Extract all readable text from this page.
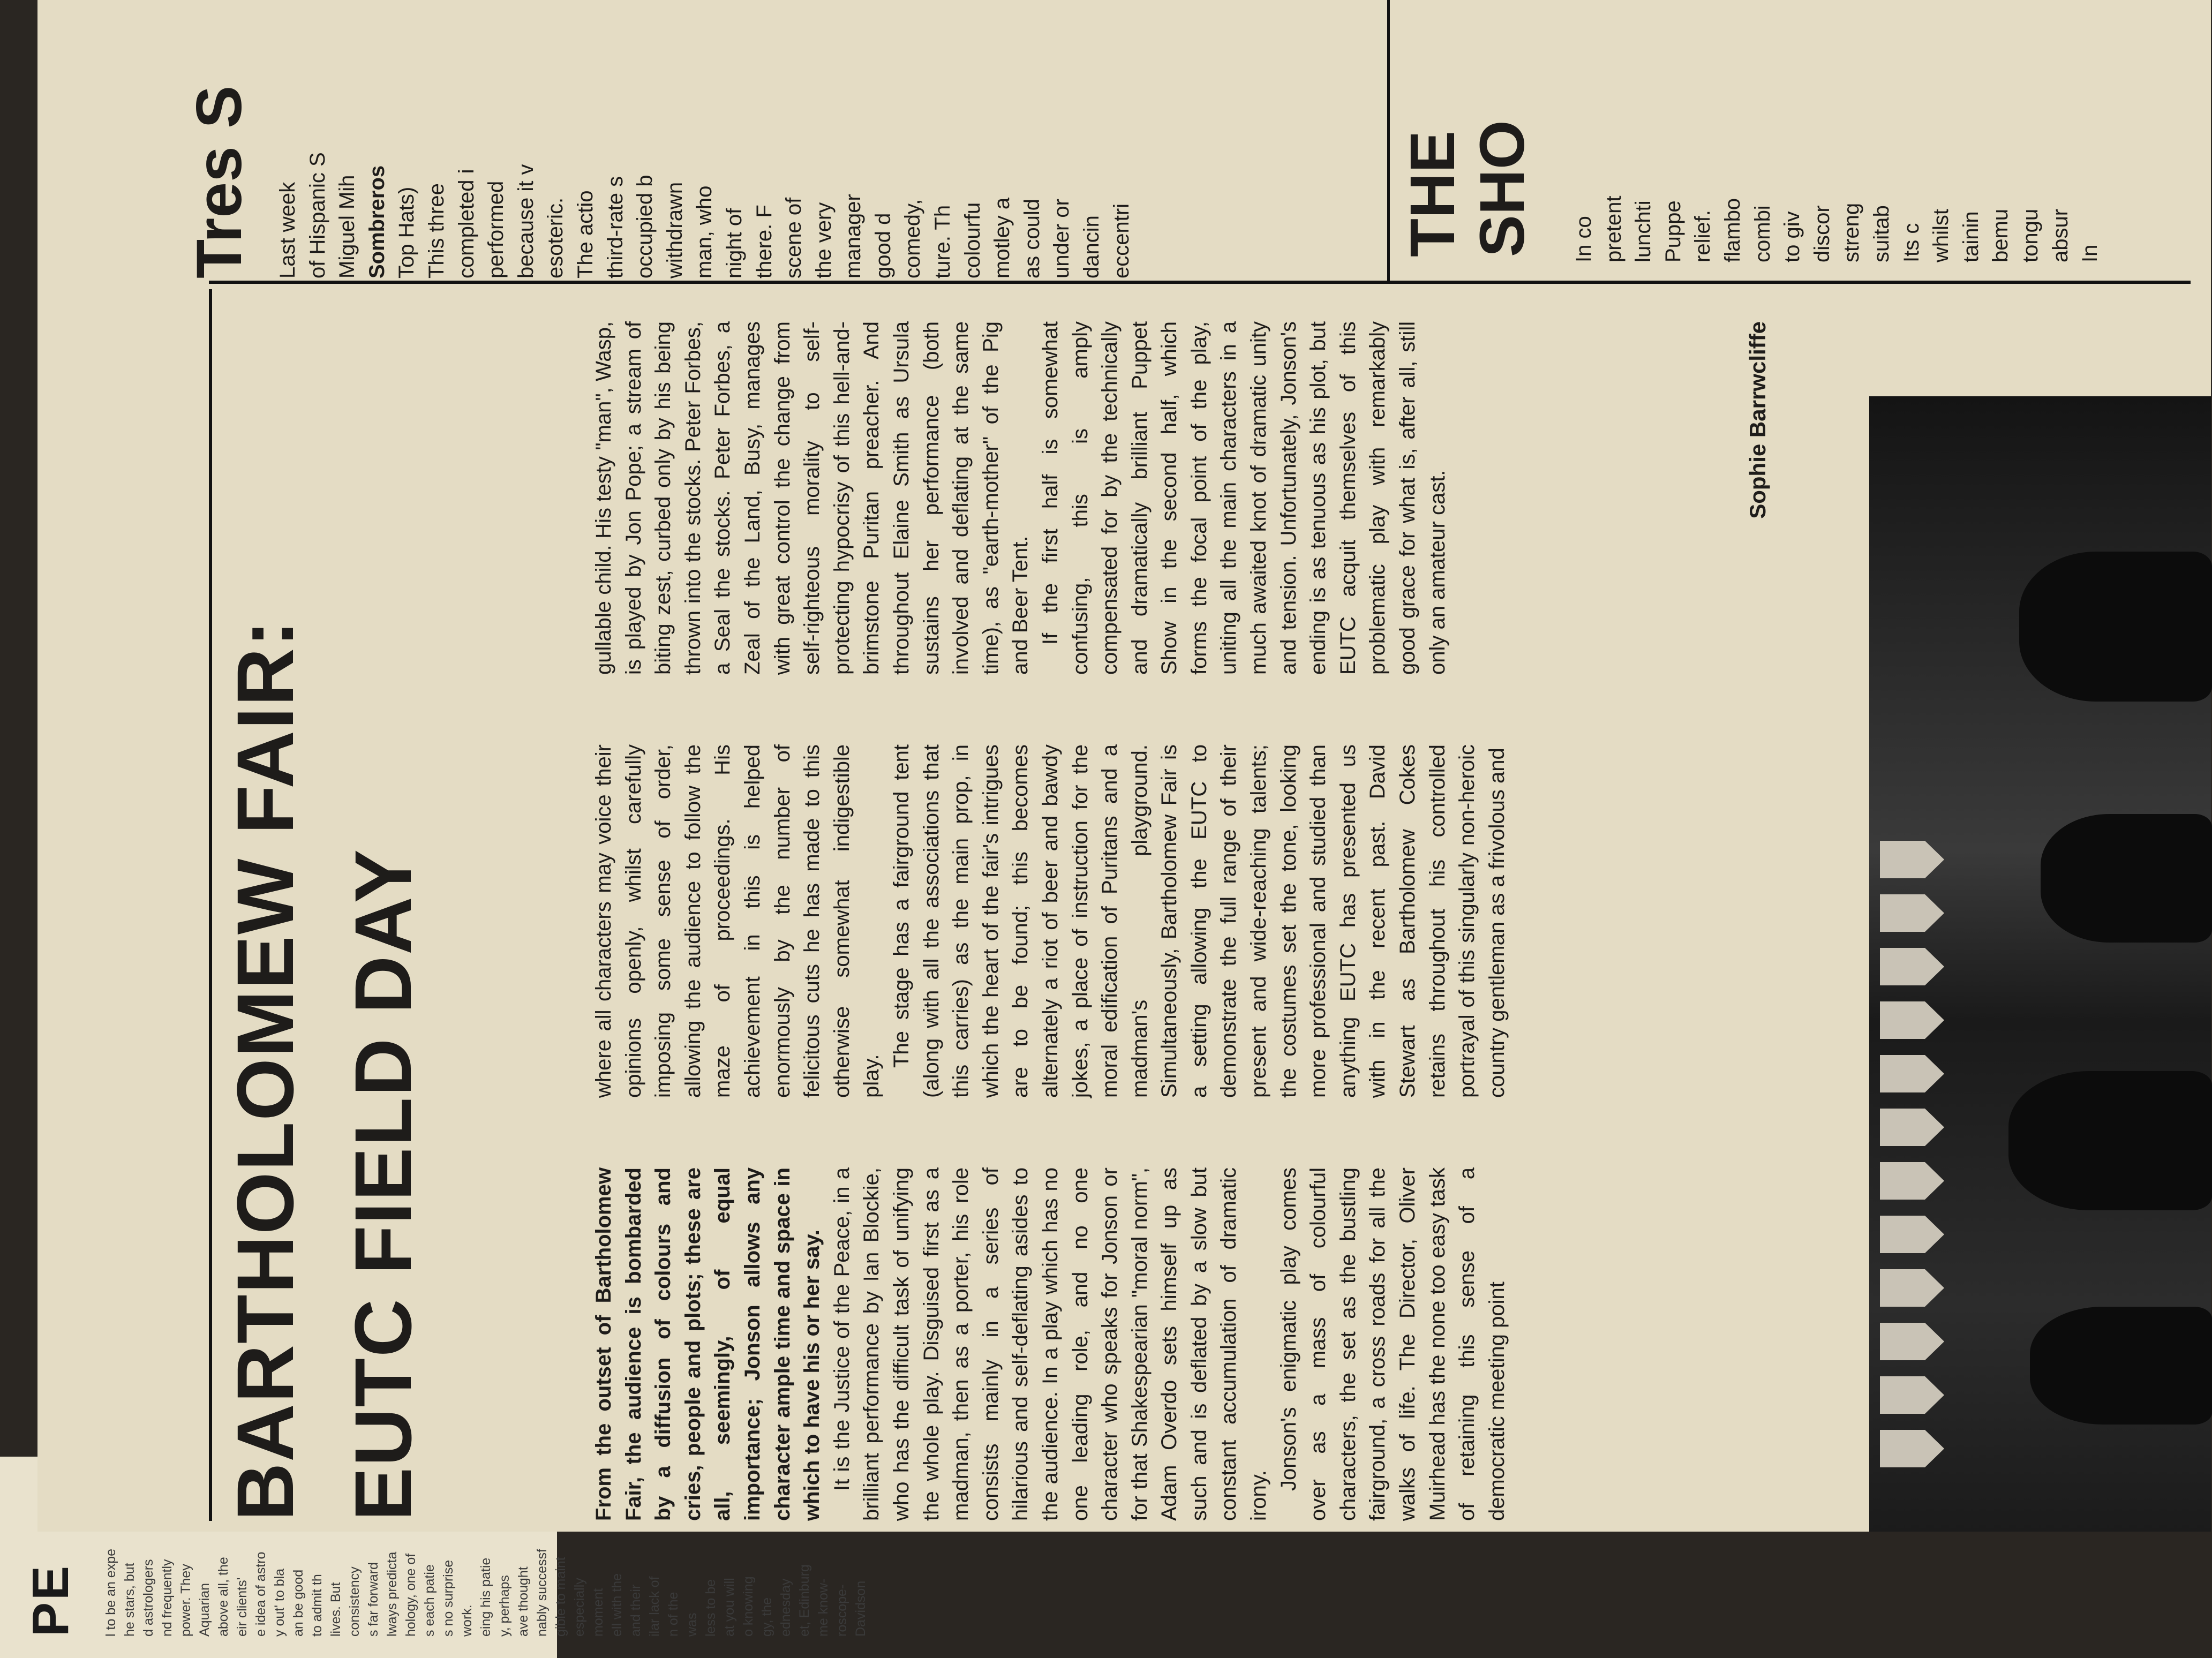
PE l to be an expe he stars, but d astrologers nd frequently power. They Aquarian above all, the eir clients' e idea of astro y out' to bla an be good to admit th lives. But consistency s far forward lways predicta hology, one of s each patie s no surprise work. eing his patie y, perhaps ave thought nably successf gible to maint especially moment ell with the and their ilar lack of n of the was less to be at you will o knowing gy, the ednesday et, Edinburg me know- roscope- Davidson
BARTHOLOMEW FAIR: EUTC FIELD DAY	From the outset of Bartholomew Fair, the audience is bombarded by a diffusion of colours and cries, people and plots; these are all, seemingly, of equal importance; Jonson allows any character ample time and space in which to have his or her say. It is the Justice of the Peace, in a brilliant performance by Ian Blockie, who has the difficult task of unifying the whole play. Disguised first as a madman, then as a porter, his role consists mainly in a series of hilarious and self-deflating asides to the audience. In a play which has no one leading role, and no one character who speaks for Jonson or for that Shakespearian "moral norm", Adam Overdo sets himself up as such and is deflated by a slow but constant accumulation of dramatic irony.

Jonson's enigmatic play comes over as a mass of colourful characters, the set as the bustling fairground, a cross roads for all the walks of life. The Director, Oliver Muirhead has the none too easy task of retaining this sense of a democratic meeting point

where all characters may voice their opinions openly, whilst carefully imposing some sense of order, allowing the audience to follow the maze of proceedings. His achievement in this is helped enormously by the number of felicitous cuts he has made to this otherwise somewhat indigestible play.

The stage has a fairground tent (along with all the associations that this carries) as the main prop, in which the heart of the fair's intrigues are to be found; this becomes alternately a riot of beer and bawdy jokes, a place of instruction for the moral edification of Puritans and a madman's playground. Simultaneously, Bartholomew Fair is a setting allowing the EUTC to demonstrate the full range of their present and wide-reaching talents; the costumes set the tone, looking more professional and studied than anything EUTC has presented us with in the recent past. David Stewart as Bartholomew Cokes retains throughout his controlled portrayal of this singularly non-heroic country gentleman as a frivolous and

gullable child. His testy "man", Wasp, is played by Jon Pope; a stream of biting zest, curbed only by his being thrown into the stocks. Peter Forbes, a Seal the stocks. Peter Forbes, a Zeal of the Land, Busy, manages with great control the change from self-righteous morality to self-protecting hypocrisy of this hell-and-brimstone Puritan preacher. And throughout Elaine Smith as Ursula sustains her performance (both involved and deflating at the same time), as "earth-mother" of the Pig and Beer Tent. If the first half is somewhat confusing, this is amply compensated for by the technically and dramatically brilliant Puppet Show in the second half, which forms the focal point of the play, uniting all the main characters in a much awaited knot of dramatic unity and tension. Unfortunately, Jonson's ending is as tenuous as his plot, but EUTC acquit themselves of this problematic play with remarkably good grace for what is, after all, still only an amateur cast.

Sophie Barrwcliffe
Tres S Last week of Hispanic S Miguel Mih Sombreros Top Hats) This three completed i performed because it v esoteric. The actio third-rate s occupied b withdrawn man, who night of there. F scene of the very manager good d comedy, ture. Th colourfu motley a as could under or dancin eccentri	THE
SHO In co pretent lunchti Puppe relief. flambo combi to giv discor streng suitab Its c whilst tainin bemu tongu absur In
